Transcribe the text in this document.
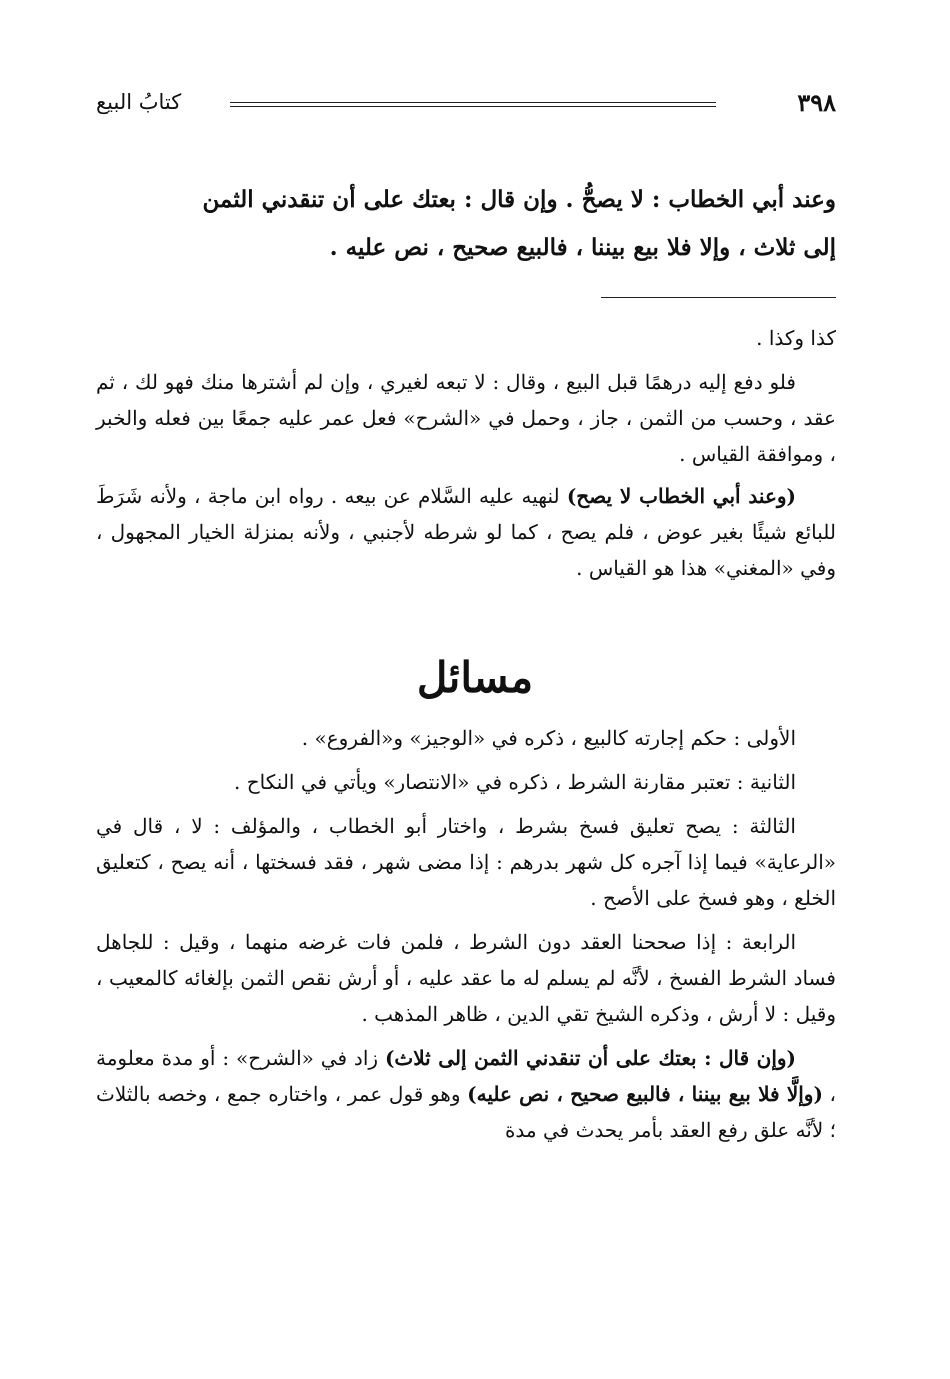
٣٩٨
كتابُ البيع
وعند أبي الخطاب : لا يصحُّ . وإن قال : بعتك على أن تنقدني الثمن
إلى ثلاث ، وإلا فلا بيع بيننا ، فالبيع صحيح ، نص عليه .

كذا وكذا .

فلو دفع إليه درهمًا قبل البيع ، وقال : لا تبعه لغيري ، وإن لم أشترها منك فهو لك ، ثم عقد ، وحسب من الثمن ، جاز ، وحمل في «الشرح» فعل عمر عليه جمعًا بين فعله والخبر ، وموافقة القياس .

(وعند أبي الخطاب لا يصح) لنهيه عليه السَّلام عن بيعه . رواه ابن ماجة ، ولأنه شَرَطَ للبائع شيئًا بغير عوض ، فلم يصح ، كما لو شرطه لأجنبي ، ولأنه بمنزلة الخيار المجهول ، وفي «المغني» هذا هو القياس .

مسائل

الأولى : حكم إجارته كالبيع ، ذكره في «الوجيز» و«الفروع» .

الثانية : تعتبر مقارنة الشرط ، ذكره في «الانتصار» ويأتي في النكاح .

الثالثة : يصح تعليق فسخ بشرط ، واختار أبو الخطاب ، والمؤلف : لا ، قال في «الرعاية» فيما إذا آجره كل شهر بدرهم : إذا مضى شهر ، فقد فسختها ، أنه يصح ، كتعليق الخلع ، وهو فسخ على الأصح .

الرابعة : إذا صححنا العقد دون الشرط ، فلمن فات غرضه منهما ، وقيل : للجاهل فساد الشرط الفسخ ، لأنَّه لم يسلم له ما عقد عليه ، أو أرش نقص الثمن بإلغائه كالمعيب ، وقيل : لا أرش ، وذكره الشيخ تقي الدين ، ظاهر المذهب .

(وإن قال : بعتك على أن تنقدني الثمن إلى ثلاث) زاد في «الشرح» : أو مدة معلومة ، (وإلَّا فلا بيع بيننا ، فالبيع صحيح ، نص عليه) وهو قول عمر ، واختاره جمع ، وخصه بالثلاث ؛ لأنَّه علق رفع العقد بأمر يحدث في مدة
